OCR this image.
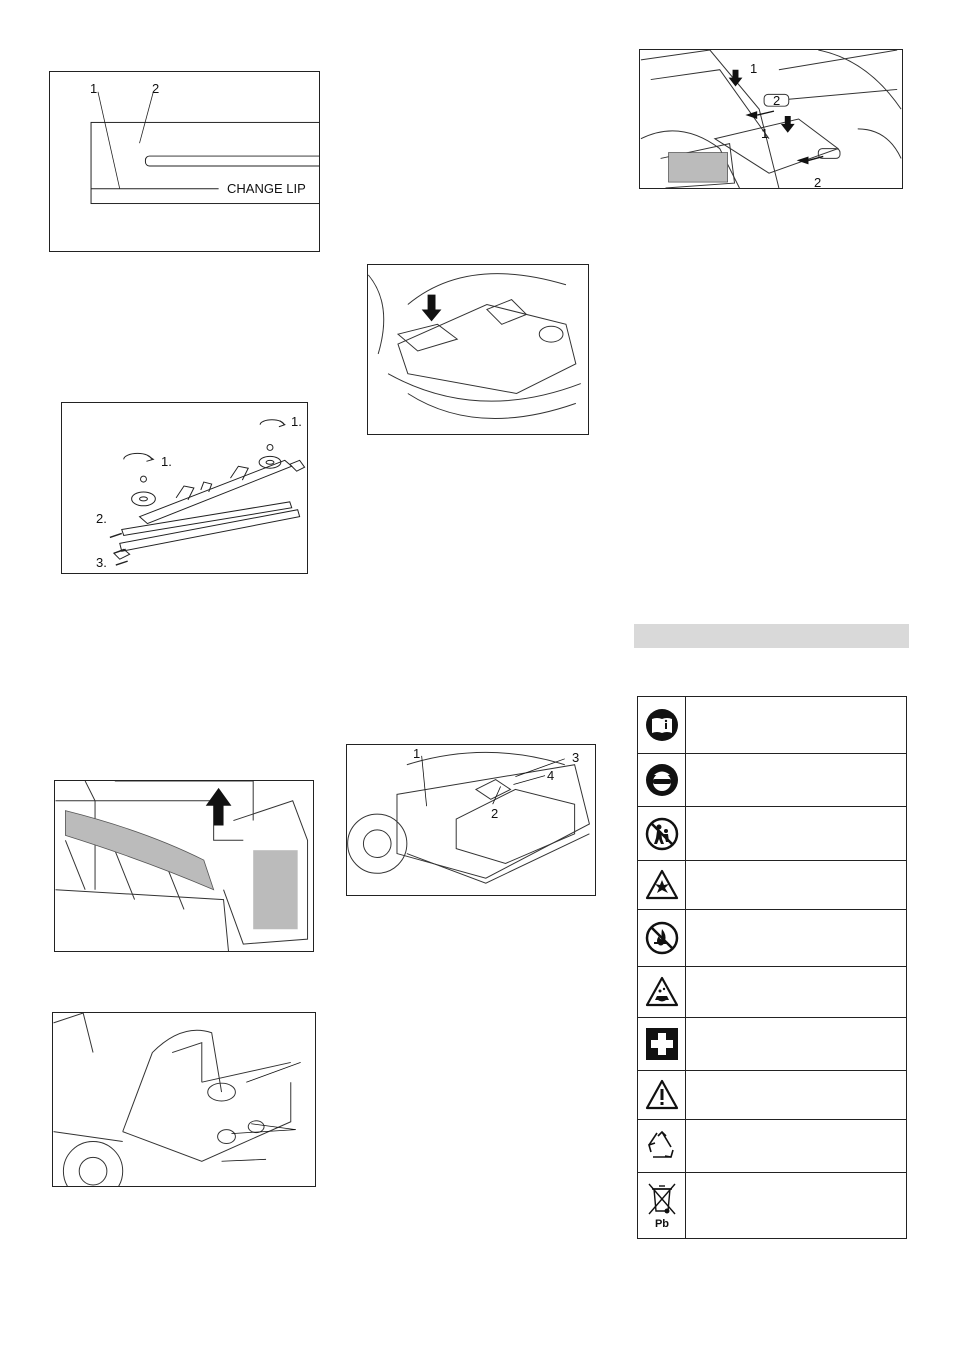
1	2
CHANGE LIP
1.
1.
2.
3.
1
2
1
2
1	3
4
2
Pb
